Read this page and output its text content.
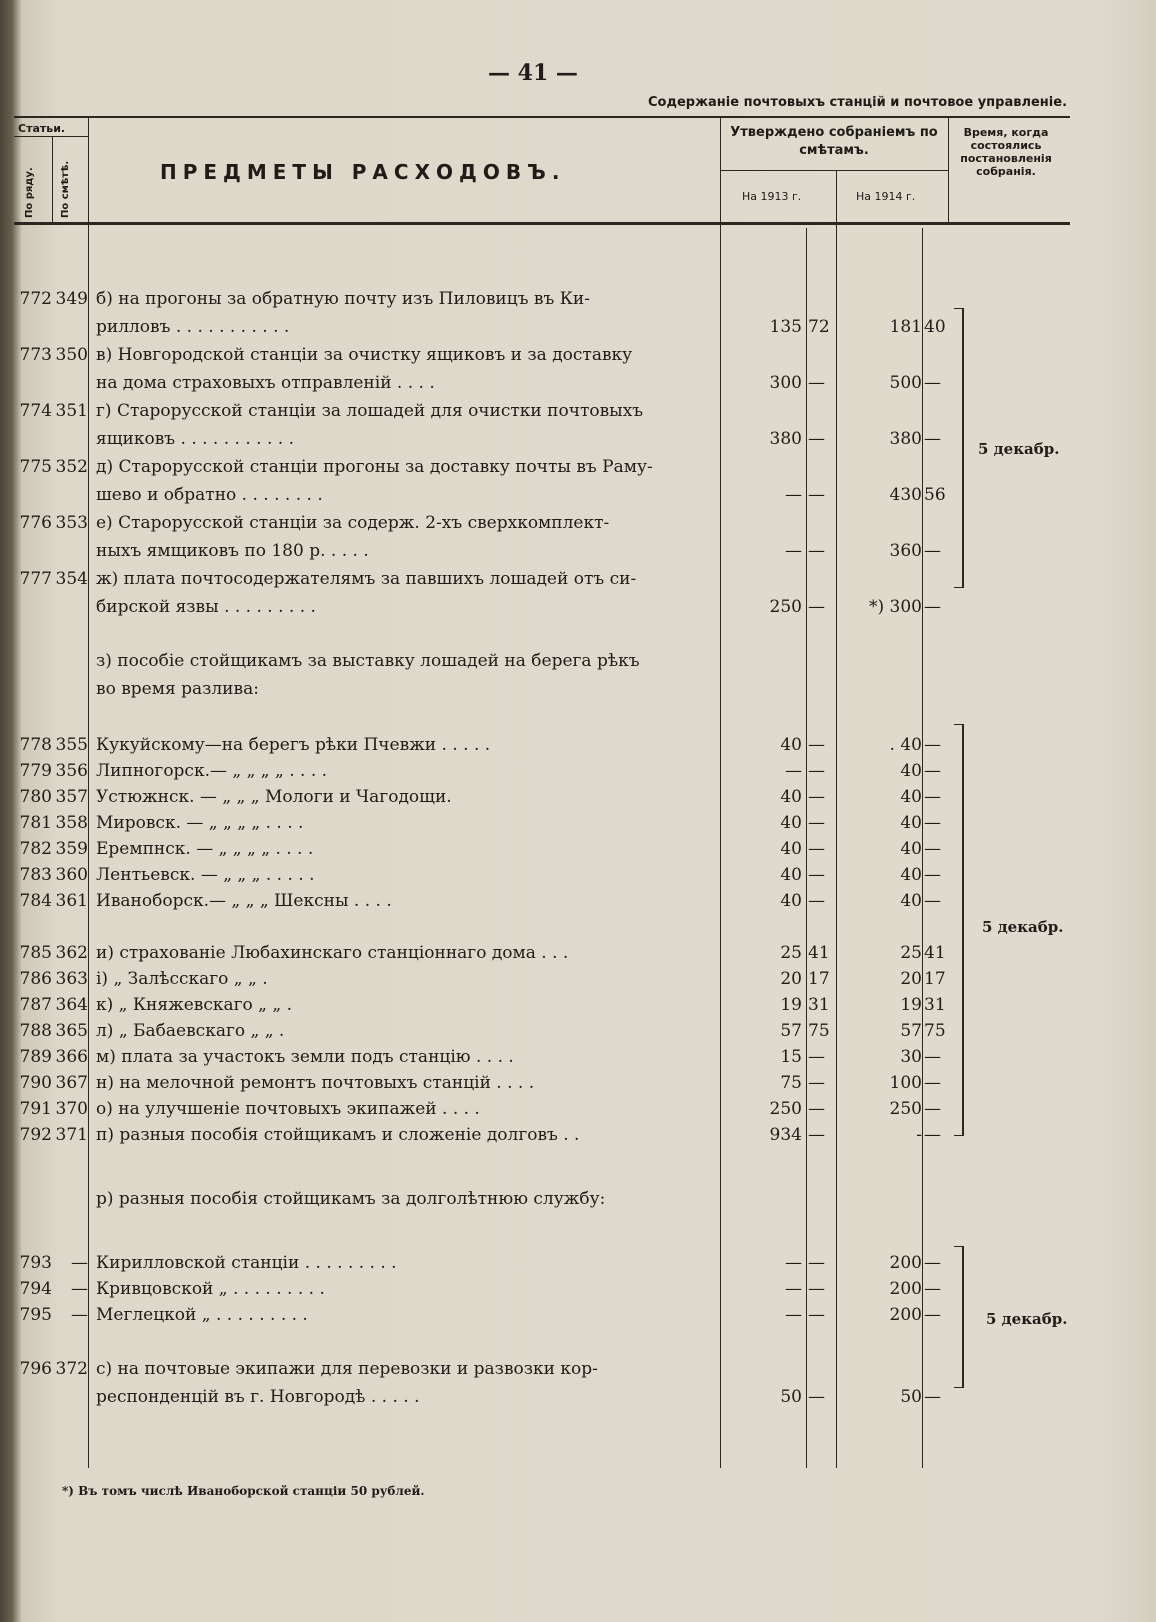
— 41 —
Содержаніе почтовыхъ станцій и почтовое управленіе.
Статьи.
По ряду.	По смѣтѣ.	ПРЕДМЕТЫ РАСХОДОВЪ.
Утверждено собраніемъ по смѣтамъ.
На 1913 г.	На 1914 г.
Время, когда состоялись постановленія собранія.
772 349 б) на прогоны за обратную почту изъ Пиловицъ въ Ки-
рилловъ . . . . . . . . . . .	135 72	181 40
773 350 в) Новгородской станціи за очистку ящиковъ и за доставку
на дома страховыхъ отправленій . . . .	300 —	500 —
774 351 г) Старорусской станціи за лошадей для очистки почтовыхъ
ящиковъ . . . . . . . . . . .	380 —	380 —
775 352 д) Старорусской станціи прогоны за доставку почты въ Раму-
шево и обратно . . . . . . . .	— —	430 56
776 353 е) Старорусской станціи за содерж. 2-хъ сверхкомплект-
ныхъ ямщиковъ по 180 р. . . . .	— —	360 —
777 354 ж) плата почтосодержателямъ за павшихъ лошадей отъ си-
бирской язвы . . . . . . . . .	250 —	*) 300 —
з) пособіе стойщикамъ за выставку лошадей на берега рѣкъ
во время разлива:
778 355 Кукуйскому—на берегъ рѣки Пчевжи . . . . .	40 —	. 40 —
779 356 Липногорск.— „ „ „ „ . . . .	— —	40 —
780 357 Устюжнск. — „ „ „ Мологи и Чагодощи.	40 —	40 —
781 358 Мировск. — „ „ „ „ . . . .	40 —	40 —
782 359 Еремпнск. — „ „ „ „ . . . .	40 —	40 —
783 360 Лентьевск. — „ „ „ . . . . .	40 —	40 —
784 361 Иваноборск.— „ „ „ Шексны . . . .	40 —	40 —
785 362 и) страхованіе Любахинскаго станціоннаго дома . . .	25 41	25 41
786 363 і) „ Залѣсскаго „ „ .	20 17	20 17
787 364 к) „ Княжевскаго „ „ .	19 31	19 31
788 365 л) „ Бабаевскаго „ „ .	57 75	57 75
789 366 м) плата за участокъ земли подъ станцію . . . .	15 —	30 —
790 367 н) на мелочной ремонтъ почтовыхъ станцій . . . .	75 —	100 —
791 370 о) на улучшеніе почтовыхъ экипажей . . . .	250 —	250 —
792 371 п) разныя пособія стойщикамъ и сложеніе долговъ . .	934 —	- —
р) разныя пособія стойщикамъ за долголѣтнюю службу:
793	— Кирилловской станціи . . . . . . . . .	— —	200 —
794	— Кривцовской „ . . . . . . . . .	— —	200 —
795	— Меглецкой „ . . . . . . . . .	— —	200 —
796 372 с) на почтовые экипажи для перевозки и развозки кор-
респонденцій въ г. Новгородѣ . . . . .	50 —	50 —
5 декабр.
5 декабр.
5 декабр.
*) Въ томъ числѣ Иваноборской станціи 50 рублей.
